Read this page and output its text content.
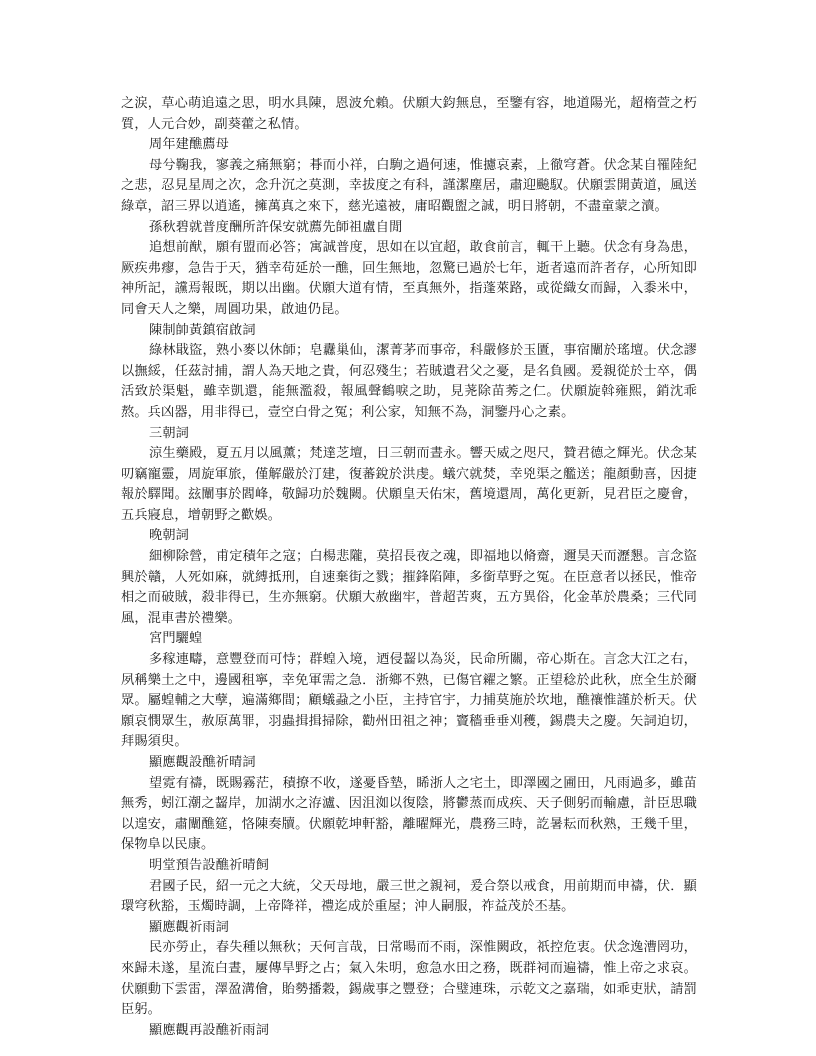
之涙，草心萌追遠之思，明水具陳，恩波允賴。伏願大鈞無息，至鑒有容，地道陽光，超楕萱之朽質，人元合妙，副葵藿之私情。

周年建醮薦母

母兮鞠我，寥義之痛無窮；朞而小祥，白駒之過何速，惟攄哀素，上徹穹蒼。伏念某自罹陸紀之悲，忍見星周之次，念升沉之莫測，幸拔度之有科，謹潔塵居，肅迎飈馭。伏願雲開黃道，風送綠章，詔三界以逍遙，擁萬真之來下，慈光遠被，庸昭觀盥之誠，明日將朝，不盡童蒙之瀆。

孫秋碧就普度酬所許保安就薦先師祖盧自閒

追想前猷，願有盟而必答；寓誠普度，思如在以宜超，敢食前言，輒干上聽。伏念有身為患，厥疾弗瘳，急告于天，猶幸苟延於一醮，回生無地，忽驚已過於七年，逝者遠而許者存，心所知即神所記，讜焉報既，期以出幽。伏願大道有情，至真無外，指蓬萊路，或從織女而歸，入黍米中，同會天人之樂，周圓功果，啟迪仍昆。

陳制帥黃鎮宿啟詞

綠林戢盜，熟小麥以休師；皂纛巢仙，潔菁茅而事帝，科嚴修於玉匱，事宿闡於瑤壇。伏念謬以撫綏，任茲討捕，謂人為天地之貴，何忍殘生；若賊遺君父之憂，是名負國。爰親從於士卒，偶活致於渠魁，雖幸凱還，能無濫殺，報風聲鶴唳之助，見荛除苗莠之仁。伏願旋斡雍熙，銷沈乖熬。兵凶器，用非得已，壹空白骨之冤；利公家，知無不為，洞鑒丹心之素。

三朝詞

涼生藥殿，夏五月以風薰；梵達芝壇，日三朝而晝永。響天威之咫尺，贊君德之輝光。伏念某叨竊寵靈，周旋軍旅，僅解嚴於汀建，復蕃銳於洪虔。蟻穴就焚，幸兇渠之艦送；龍顏動喜，因捷報於驛聞。玆闡事於閻峰，敬歸功於魏闕。伏願皇天佑宋，舊境還周，萬化更新，見君臣之慶會，五兵寢息，增朝野之歡娛。

晚朝詞

細柳除營，甫定積年之寇；白楊悲隴，莫招長夜之魂，即福地以脩齋，邇昊天而瀝懇。言念盜興於贛，人死如麻，就縛抵刑，自速棄街之戮；摧鋒陷陣，多銜草野之冤。在臣意者以拯民，惟帝相之而破賊，殺非得已，生亦無窮。伏願大赦幽牢，普超苦爽，五方異俗，化金革於農桑；三代同風，混車書於禮樂。

宮門驪蝗

多稼連疇，意豐登而可恃；群蝗入境，迺侵齧以為災，民命所關，帝心斯在。言念大江之右，夙稱樂土之中，邊國租寧，幸免軍需之急．浙鄉不熟，已傷官糴之繁。正望稔於此秋，庶全生於爾眾。屬蝗輔之大孽，遍滿鄉間；顧蟻蝨之小臣，主持官宇，力捕莫施於坎地，醮禳惟謹於析天。伏願哀憫眾生，赦原萬罪，羽蟲揖揖掃除，勸州田祖之神；竇穡垂垂刈穫，錫農夫之慶。矢詞迫切，拜賜須臾。

顯應觀設醮祈晴詞

望霓有禱，既賜霧茫，積撩不收，遂憂昏墊，睎浙人之宅土，即澤國之圃田，凡雨過多，雖苗無秀，蚓江潮之齧岸，加湖水之洊瀘、因沮洳以復陰，將鬱蒸而成疾、天子側躬而輸慮，計臣思職以遑安，肅闡醮筵，恪陳奏牘。伏願乾坤軒豁，離曜輝光，農務三時，訖暑耘而秋熟，王幾千里，保物阜以民康。

明堂預告設醮祈晴飼

君國子民，紹一元之大統，父天母地，嚴三世之親祠，爰合祭以戒食，用前期而申禱，伏．顯環穹秋豁，玉燭時調，上帝降祥，禮迄成於重屋；沖人嗣服，祚益茂於丕基。

顯應觀祈雨詞

民亦勞止，春失種以無秋；天何言哉，日常暘而不雨，深惟闕政，祇控危衷。伏念逸漕罔功，來歸未遂，星流白晝，屢傳旱野之占；氣入朱明，愈急水田之務，既群祠而遍禱，惟上帝之求哀。伏願動下雲雷，澤盈溝儈，貽勢播穀，錫歲事之豐登；合璧連珠，示乾文之嘉瑞，如乖吏狀，請罰臣躬。

顯應觀再設醮祈雨詞
